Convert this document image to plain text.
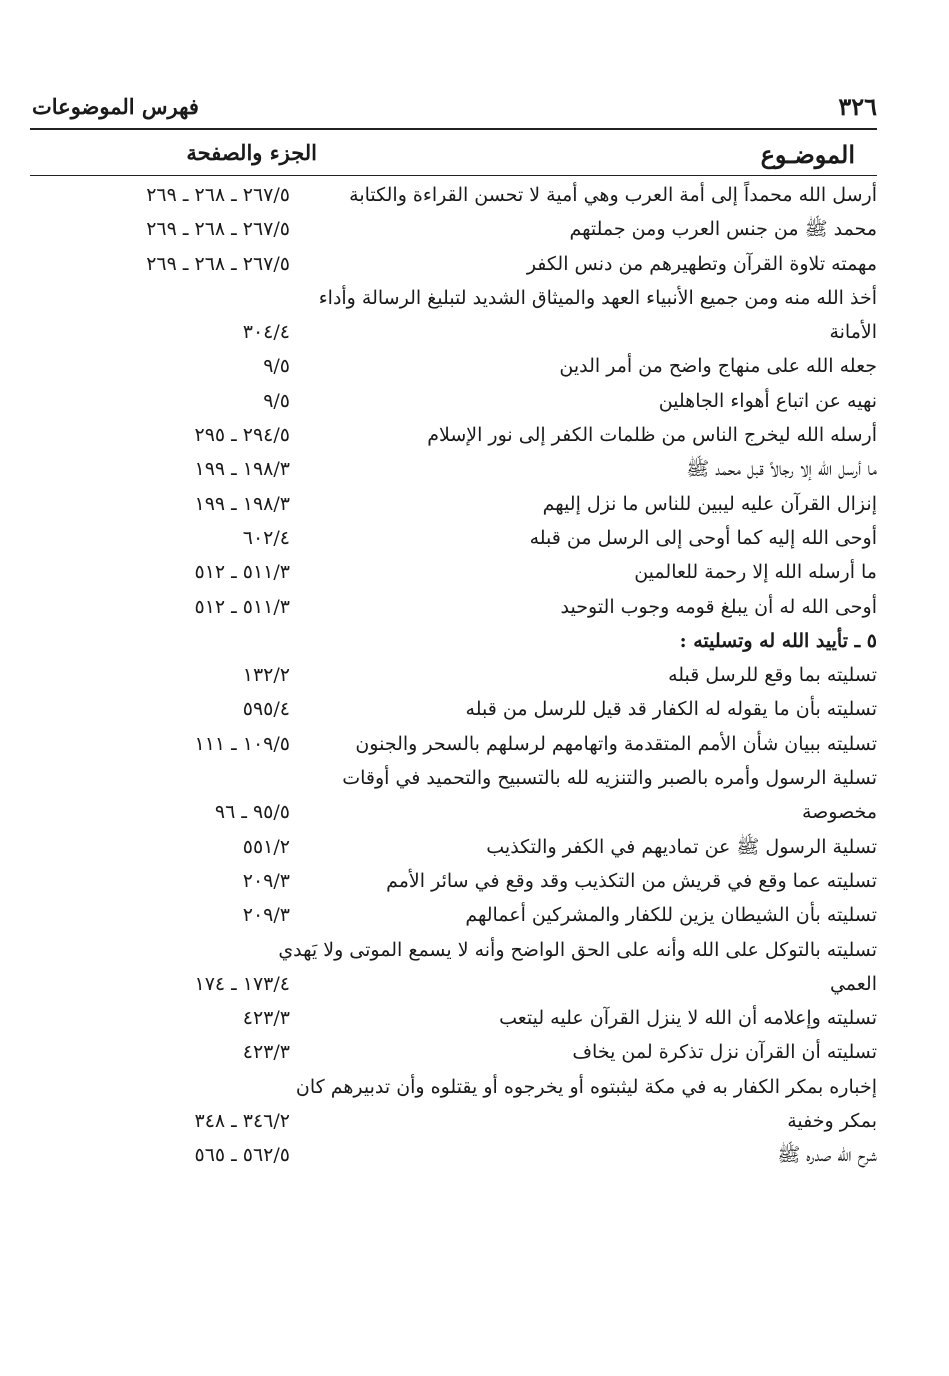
٣٢٦
فهرس الموضوعات
الموضـوع
الجزء والصفحة
أرسل الله محمداً إلى أمة العرب وهي أمية لا تحسن القراءة والكتابة
٢٦٧/٥ ـ ٢٦٨ ـ ٢٦٩
محمد ﷺ من جنس العرب ومن جملتهم
٢٦٧/٥ ـ ٢٦٨ ـ ٢٦٩
مهمته تلاوة القرآن وتطهيرهم من دنس الكفر
٢٦٧/٥ ـ ٢٦٨ ـ ٢٦٩
أخذ الله منه ومن جميع الأنبياء العهد والميثاق الشديد لتبليغ الرسالة وأداء
الأمانة
٣٠٤/٤
جعله الله على منهاج واضح من أمر الدين
٩/٥
نهيه عن اتباع أهواء الجاهلين
٩/٥
أرسله الله ليخرج الناس من ظلمات الكفر إلى نور الإسلام
٢٩٤/٥ ـ ٢٩٥
ما أرسل الله إلا رجالاً قبل محمد ﷺ
١٩٨/٣ ـ ١٩٩
إنزال القرآن عليه ليبين للناس ما نزل إليهم
١٩٨/٣ ـ ١٩٩
أوحى الله إليه كما أوحى إلى الرسل من قبله
٦٠٢/٤
ما أرسله الله إلا رحمة للعالمين
٥١١/٣ ـ ٥١٢
أوحى الله له أن يبلغ قومه وجوب التوحيد
٥١١/٣ ـ ٥١٢
٥ ـ تأييد الله له وتسليته :
تسليته بما وقع للرسل قبله
١٣٢/٢
تسليته بأن ما يقوله له الكفار قد قيل للرسل من قبله
٥٩٥/٤
تسليته ببيان شأن الأمم المتقدمة واتهامهم لرسلهم بالسحر والجنون
١٠٩/٥ ـ ١١١
تسلية الرسول وأمره بالصبر والتنزيه لله بالتسبيح والتحميد في أوقات
مخصوصة
٩٥/٥ ـ ٩٦
تسلية الرسول ﷺ عن تماديهم في الكفر والتكذيب
٥٥١/٢
تسليته عما وقع في قريش من التكذيب وقد وقع في سائر الأمم
٢٠٩/٣
تسليته بأن الشيطان يزين للكفار والمشركين أعمالهم
٢٠٩/٣
تسليته بالتوكل على الله وأنه على الحق الواضح وأنه لا يسمع الموتى ولا يَهدي
العمي
١٧٣/٤ ـ ١٧٤
تسليته وإعلامه أن الله لا ينزل القرآن عليه ليتعب
٤٢٣/٣
تسليته أن القرآن نزل تذكرة لمن يخاف
٤٢٣/٣
إخباره بمكر الكفار به في مكة ليثبتوه أو يخرجوه أو يقتلوه وأن تدبيرهم كان
بمكر وخفية
٣٤٦/٢ ـ ٣٤٨
شرح الله صدره ﷺ
٥٦٢/٥ ـ ٥٦٥
